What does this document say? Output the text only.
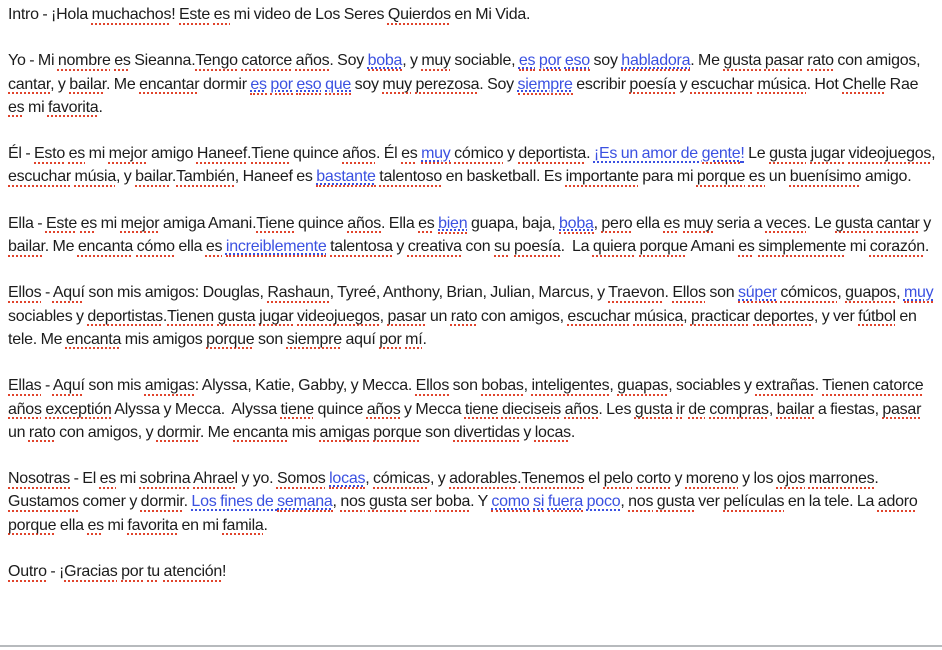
Intro - ¡Hola muchachos! Este es mi video de Los Seres Quierdos en Mi Vida.

Yo - Mi nombre es Sieanna.Tengo catorce años. Soy boba, y muy sociable, es por eso soy habladora. Me gusta pasar rato con amigos, cantar, y bailar. Me encantar dormir es por eso que soy muy perezosa. Soy siempre escribir poesía y escuchar música. Hot Chelle Rae es mi favorita.

Él - Esto es mi mejor amigo Haneef.Tiene quince años. Él es muy cómico y deportista. ¡Es un amor de gente! Le gusta jugar videojuegos, escuchar músia, y bailar.También, Haneef es bastante talentoso en basketball. Es importante para mi porque es un buenísimo amigo.

Ella - Este es mi mejor amiga Amani.Tiene quince años. Ella es bien guapa, baja, boba, pero ella es muy seria a veces. Le gusta cantar y bailar. Me encanta cómo ella es increiblemente talentosa y creativa con su poesía.  La quiera porque Amani es simplemente mi corazón.

Ellos - Aquí son mis amigos: Douglas, Rashaun, Tyreé, Anthony, Brian, Julian, Marcus, y Traevon. Ellos son súper cómicos, guapos, muy sociables y deportistas.Tienen gusta jugar videojuegos, pasar un rato con amigos, escuchar música, practicar deportes, y ver fútbol en tele. Me encanta mis amigos porque son siempre aquí por mí.

Ellas - Aquí son mis amigas: Alyssa, Katie, Gabby, y Mecca. Ellos son bobas, inteligentes, guapas, sociables y extrañas. Tienen catorce años exceptión Alyssa y Mecca.  Alyssa tiene quince años y Mecca tiene dieciseis años. Les gusta ir de compras, bailar a fiestas, pasar un rato con amigos, y dormir. Me encanta mis amigas porque son divertidas y locas.

Nosotras - El es mi sobrina Ahrael y yo. Somos locas, cómicas, y adorables.Tenemos el pelo corto y moreno y los ojos marrones. Gustamos comer y dormir. Los fines de semana, nos gusta ser boba. Y como si fuera poco, nos gusta ver películas en la tele. La adoro porque ella es mi favorita en mi famila.

Outro - ¡Gracias por tu atención!
